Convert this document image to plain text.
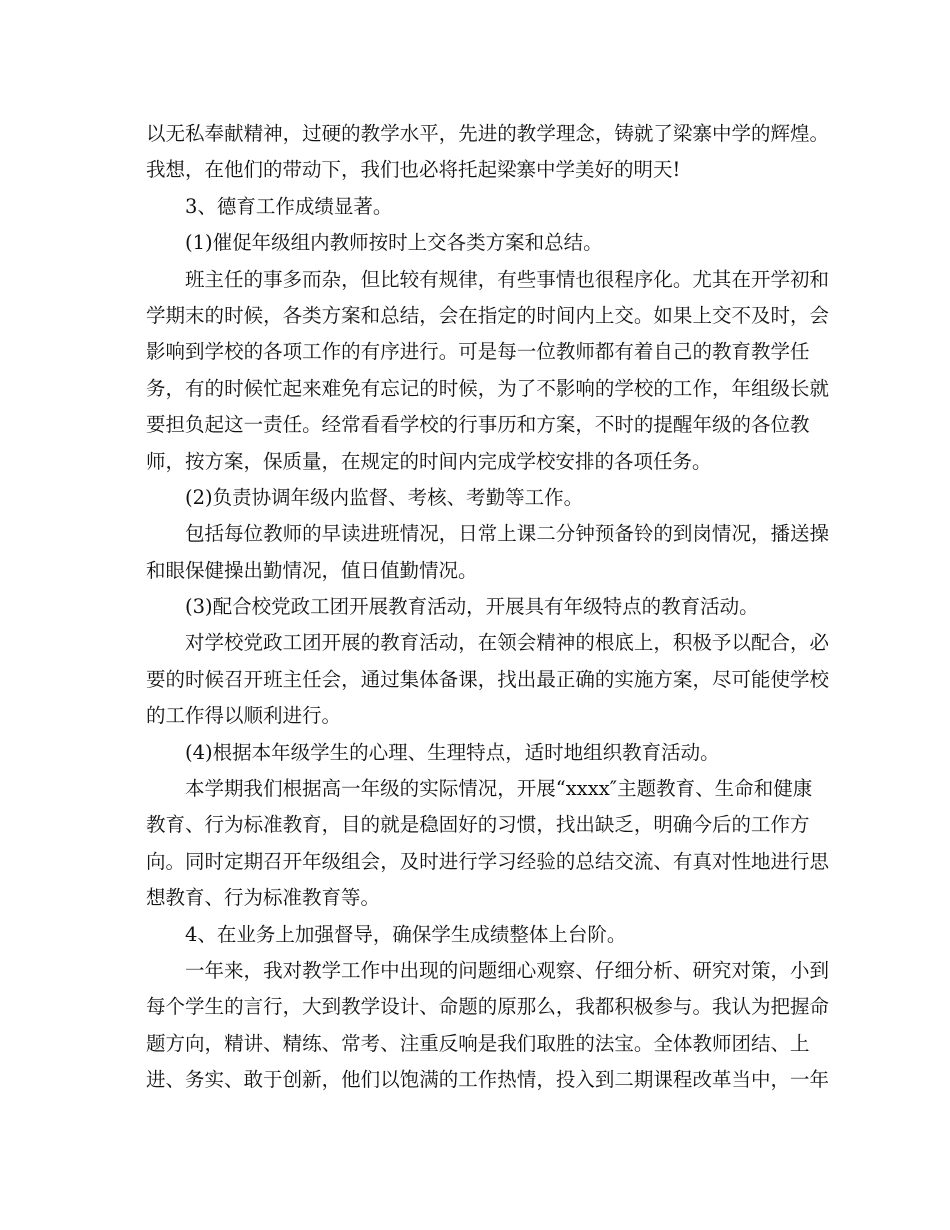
以 无 私 奉 献 精 神 ， 过 硬 的 教 学 水 平 ， 先 进 的 教 学 理 念 ， 铸 就 了 梁 寨 中 学 的 辉 煌 。
我想，在他们的带动下，我们也必将托起梁寨中学美好的明天!
3、德育工作成绩显著。
(1)催促年级组内教师按时上交各类方案和总结。
班 主 任 的 事 多 而 杂 ， 但 比 较 有 规 律 ， 有 些 事 情 也 很 程 序 化 。 尤 其 在 开 学 初 和
学 期 末 的 时 候 ， 各 类 方 案 和 总 结 ， 会 在 指 定 的 时 间 内 上 交 。 如 果 上 交 不 及 时 ， 会
影 响 到 学 校 的 各 项 工 作 的 有 序 进 行 。 可 是 每 一 位 教 师 都 有 着 自 己 的 教 育 教 学 任
务 ， 有 的 时 候 忙 起 来 难 免 有 忘 记 的 时 候 ， 为 了 不 影 响 的 学 校 的 工 作 ， 年 组 级 长 就
要 担 负 起 这 一 责 任 。 经 常 看 看 学 校 的 行 事 历 和 方 案 ， 不 时 的 提 醒 年 级 的 各 位 教
师，按方案，保质量，在规定的时间内完成学校安排的各项任务。
(2)负责协调年级内监督、考核、考勤等工作。
包 括 每 位 教 师 的 早 读 进 班 情 况 ， 日 常 上 课 二 分 钟 预 备 铃 的 到 岗 情 况 ， 播 送 操
和眼保健操出勤情况，值日值勤情况。
(3)配合校党政工团开展教育活动，开展具有年级特点的教育活动。
对 学 校 党 政 工 团 开 展 的 教 育 活 动 ， 在 领 会 精 神 的 根 底 上 ， 积 极 予 以 配 合 ， 必
要 的 时 候 召 开 班 主 任 会 ， 通 过 集 体 备 课 ， 找 出 最 正 确 的 实 施 方 案 ， 尽 可 能 使 学 校
的工作得以顺利进行。
(4)根据本年级学生的心理、生理特点，适时地组织教育活动。
本 学 期 我 们 根 据 高 一 年 级 的 实 际 情 况 ， 开 展 “ x x x x ″ 主 题 教 育 、 生 命 和 健 康
教 育 、 行 为 标 准 教 育 ， 目 的 就 是 稳 固 好 的 习 惯 ， 找 出 缺 乏 ， 明 确 今 后 的 工 作 方
向 。 同 时 定 期 召 开 年 级 组 会 ， 及 时 进 行 学 习 经 验 的 总 结 交 流 、 有 真 对 性 地 进 行 思
想教育、行为标准教育等。
4、在业务上加强督导，确保学生成绩整体上台阶。
一 年 来 ， 我 对 教 学 工 作 中 出 现 的 问 题 细 心 观 察 、 仔 细 分 析 、 研 究 对 策 ， 小 到
每 个 学 生 的 言 行 ， 大 到 教 学 设 计 、 命 题 的 原 那 么 ， 我 都 积 极 参 与 。 我 认 为 把 握 命
题 方 向 ， 精 讲 、 精 练 、 常 考 、 注 重 反 响 是 我 们 取 胜 的 法 宝 。 全 体 教 师 团 结 、 上
进 、 务 实 、 敢 于 创 新 ， 他 们 以 饱 满 的 工 作 热 情 ， 投 入 到 二 期 课 程 改 革 当 中 ， 一 年
